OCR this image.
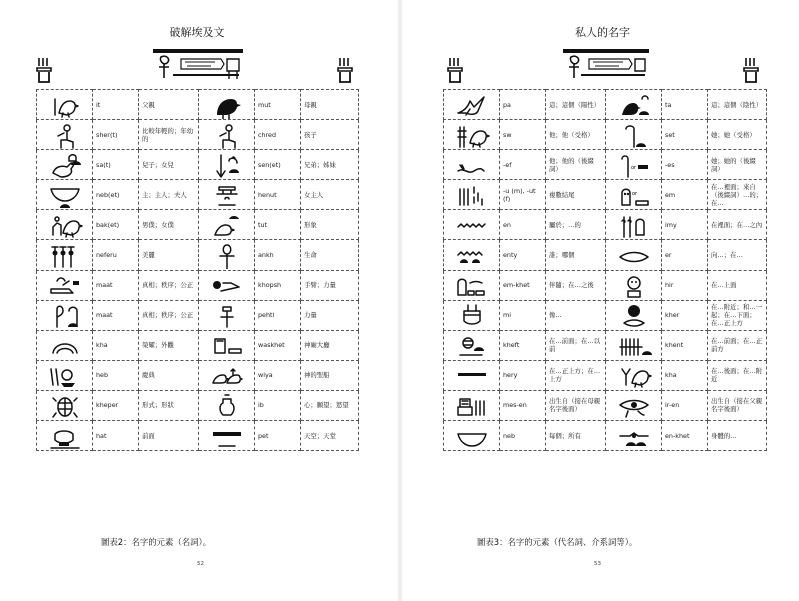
破解埃及文
	it	父親		mut	母親

	sher(t)	比較年輕的；年幼的		chred	孩子

	sa(t)	兒子；女兒		sen(et)	兄弟；姊妹

	neb(et)	主；主人；夫人		henut	女主人

	bak(et)	男僕；女僕		tut	形象

	neferu	美麗		ankh	生命

	maat	真相；秩序；公正		khopsh	手臂；力量

	maat	真相；秩序；公正		pehti	力量

	kha	榮耀；外觀		waskhet	神廟大廳

	heb	慶典		wiya	神的聖船

	kheper	形式；形狀		ib	心；願望；慾望

	hat	前面		pet	天空；天堂
圖表2：名字的元素（名詞）。
52
私人的名字
	pa	這；這個（陽性）		ta	這；這個（陰性）

	sw	他；他（受格）		set	她；她（受格）

	-ef	他；他的（後綴詞）	or	-es	她；她的（後綴詞）

	-u (m), -ut (f)	複數結尾	or	em	在…裡面；來自（後綴詞）…的；在…

	en	屬於；…的		imy	在裡面；在…之內

	enty	誰；哪個		er	向…；在…

	em-khet	伴隨；在…之後		hir	在…上面

	mi	像…		kher	在…附近；和…一起；在…下面；在…正上方

	kheft	在…前面；在…以前		khent	在…前面；在…正前方

	hery	在…正上方；在…上方		kha	在…後面；在…附近

	mes-en	出生自（接在母親名字後面）		ir-en	出生自（接在父親名字後面）

	neb	每個；所有		en-khet	身體的…
圖表3：名字的元素（代名詞、介系詞等）。
53
